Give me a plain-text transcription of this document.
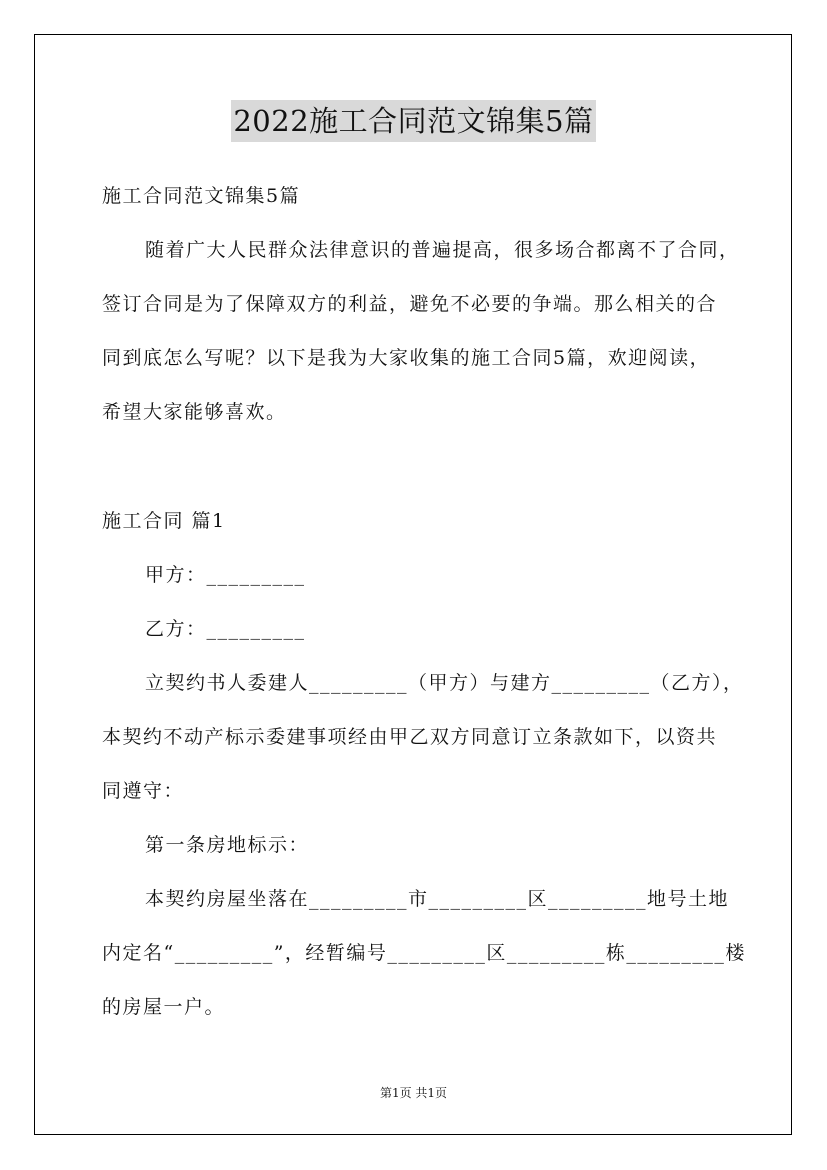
2022施工合同范文锦集5篇
施工合同范文锦集5篇
随着广大人民群众法律意识的普遍提高，很多场合都离不了合同，
签订合同是为了保障双方的利益，避免不必要的争端。那么相关的合
同到底怎么写呢？以下是我为大家收集的施工合同5篇，欢迎阅读，
希望大家能够喜欢。
施工合同 篇1
甲方：_________
乙方：_________
立契约书人委建人_________（甲方）与建方_________（乙方），
本契约不动产标示委建事项经由甲乙双方同意订立条款如下，以资共
同遵守：
第一条房地标示：
本契约房屋坐落在_________市_________区_________地号土地
内定名“_________”，经暂编号_________区_________栋_________楼
的房屋一户。
第1页 共1页
